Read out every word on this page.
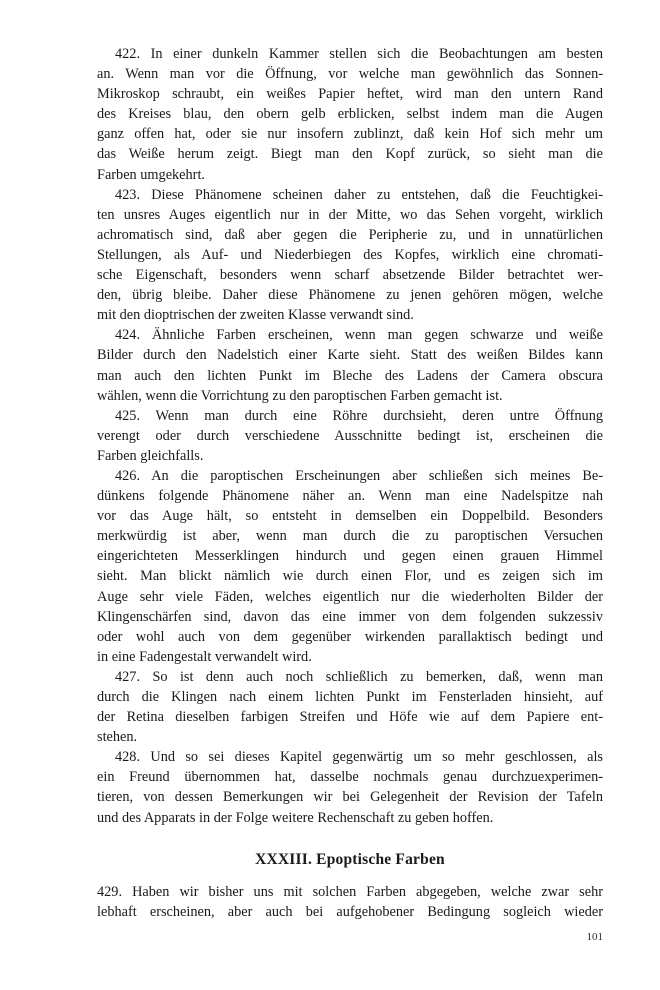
422. In einer dunkeln Kammer stellen sich die Beobachtungen am besten
an. Wenn man vor die Öffnung, vor welche man gewöhnlich das Sonnen-
Mikroskop schraubt, ein weißes Papier heftet, wird man den untern Rand
des Kreises blau, den obern gelb erblicken, selbst indem man die Augen
ganz offen hat, oder sie nur insofern zublinzt, daß kein Hof sich mehr um
das Weiße herum zeigt. Biegt man den Kopf zurück, so sieht man die
Farben umgekehrt.
423. Diese Phänomene scheinen daher zu entstehen, daß die Feuchtigkei-
ten unsres Auges eigentlich nur in der Mitte, wo das Sehen vorgeht, wirklich
achromatisch sind, daß aber gegen die Peripherie zu, und in unnatürlichen
Stellungen, als Auf- und Niederbiegen des Kopfes, wirklich eine chromati-
sche Eigenschaft, besonders wenn scharf absetzende Bilder betrachtet wer-
den, übrig bleibe. Daher diese Phänomene zu jenen gehören mögen, welche
mit den dioptrischen der zweiten Klasse verwandt sind.
424. Ähnliche Farben erscheinen, wenn man gegen schwarze und weiße
Bilder durch den Nadelstich einer Karte sieht. Statt des weißen Bildes kann
man auch den lichten Punkt im Bleche des Ladens der Camera obscura
wählen, wenn die Vorrichtung zu den paroptischen Farben gemacht ist.
425. Wenn man durch eine Röhre durchsieht, deren untre Öffnung
verengt oder durch verschiedene Ausschnitte bedingt ist, erscheinen die
Farben gleichfalls.
426. An die paroptischen Erscheinungen aber schließen sich meines Be-
dünkens folgende Phänomene näher an. Wenn man eine Nadelspitze nah
vor das Auge hält, so entsteht in demselben ein Doppelbild. Besonders
merkwürdig ist aber, wenn man durch die zu paroptischen Versuchen
eingerichteten Messerklingen hindurch und gegen einen grauen Himmel
sieht. Man blickt nämlich wie durch einen Flor, und es zeigen sich im
Auge sehr viele Fäden, welches eigentlich nur die wiederholten Bilder der
Klingenschärfen sind, davon das eine immer von dem folgenden sukzessiv
oder wohl auch von dem gegenüber wirkenden parallaktisch bedingt und
in eine Fadengestalt verwandelt wird.
427. So ist denn auch noch schließlich zu bemerken, daß, wenn man
durch die Klingen nach einem lichten Punkt im Fensterladen hinsieht, auf
der Retina dieselben farbigen Streifen und Höfe wie auf dem Papiere ent-
stehen.
428. Und so sei dieses Kapitel gegenwärtig um so mehr geschlossen, als
ein Freund übernommen hat, dasselbe nochmals genau durchzuexperimen-
tieren, von dessen Bemerkungen wir bei Gelegenheit der Revision der Tafeln
und des Apparats in der Folge weitere Rechenschaft zu geben hoffen.
XXXIII. Epoptische Farben
429. Haben wir bisher uns mit solchen Farben abgegeben, welche zwar sehr
lebhaft erscheinen, aber auch bei aufgehobener Bedingung sogleich wieder
101
